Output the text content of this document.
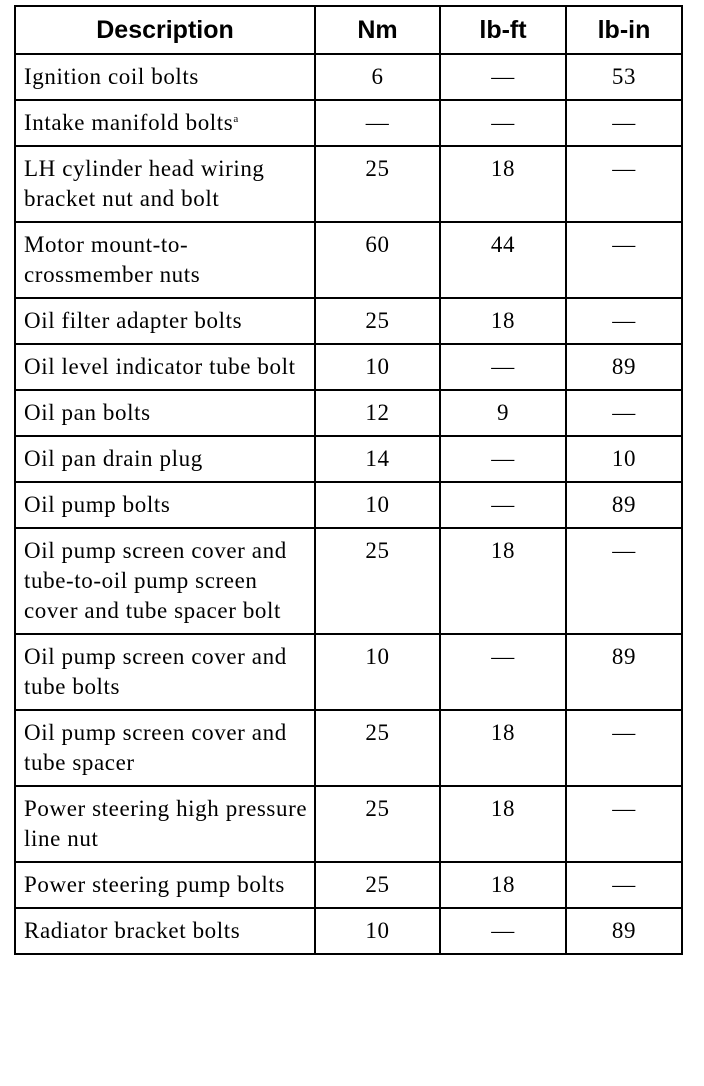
Description	Nm	lb-ft	lb-in
Ignition coil bolts	6	—	53
Intake manifold bolts$^a$	—	—	—
LH cylinder head wiring bracket nut and bolt	25	18	—
Motor mount-to-crossmember nuts	60	44	—
Oil filter adapter bolts	25	18	—
Oil level indicator tube bolt	10	—	89
Oil pan bolts	12	9	—
Oil pan drain plug	14	—	10
Oil pump bolts	10	—	89
Oil pump screen cover and tube-to-oil pump screen cover and tube spacer bolt	25	18	—
Oil pump screen cover and tube bolts	10	—	89
Oil pump screen cover and tube spacer	25	18	—
Power steering high pressure line nut	25	18	—
Power steering pump bolts	25	18	—
Radiator bracket bolts	10	—	89
